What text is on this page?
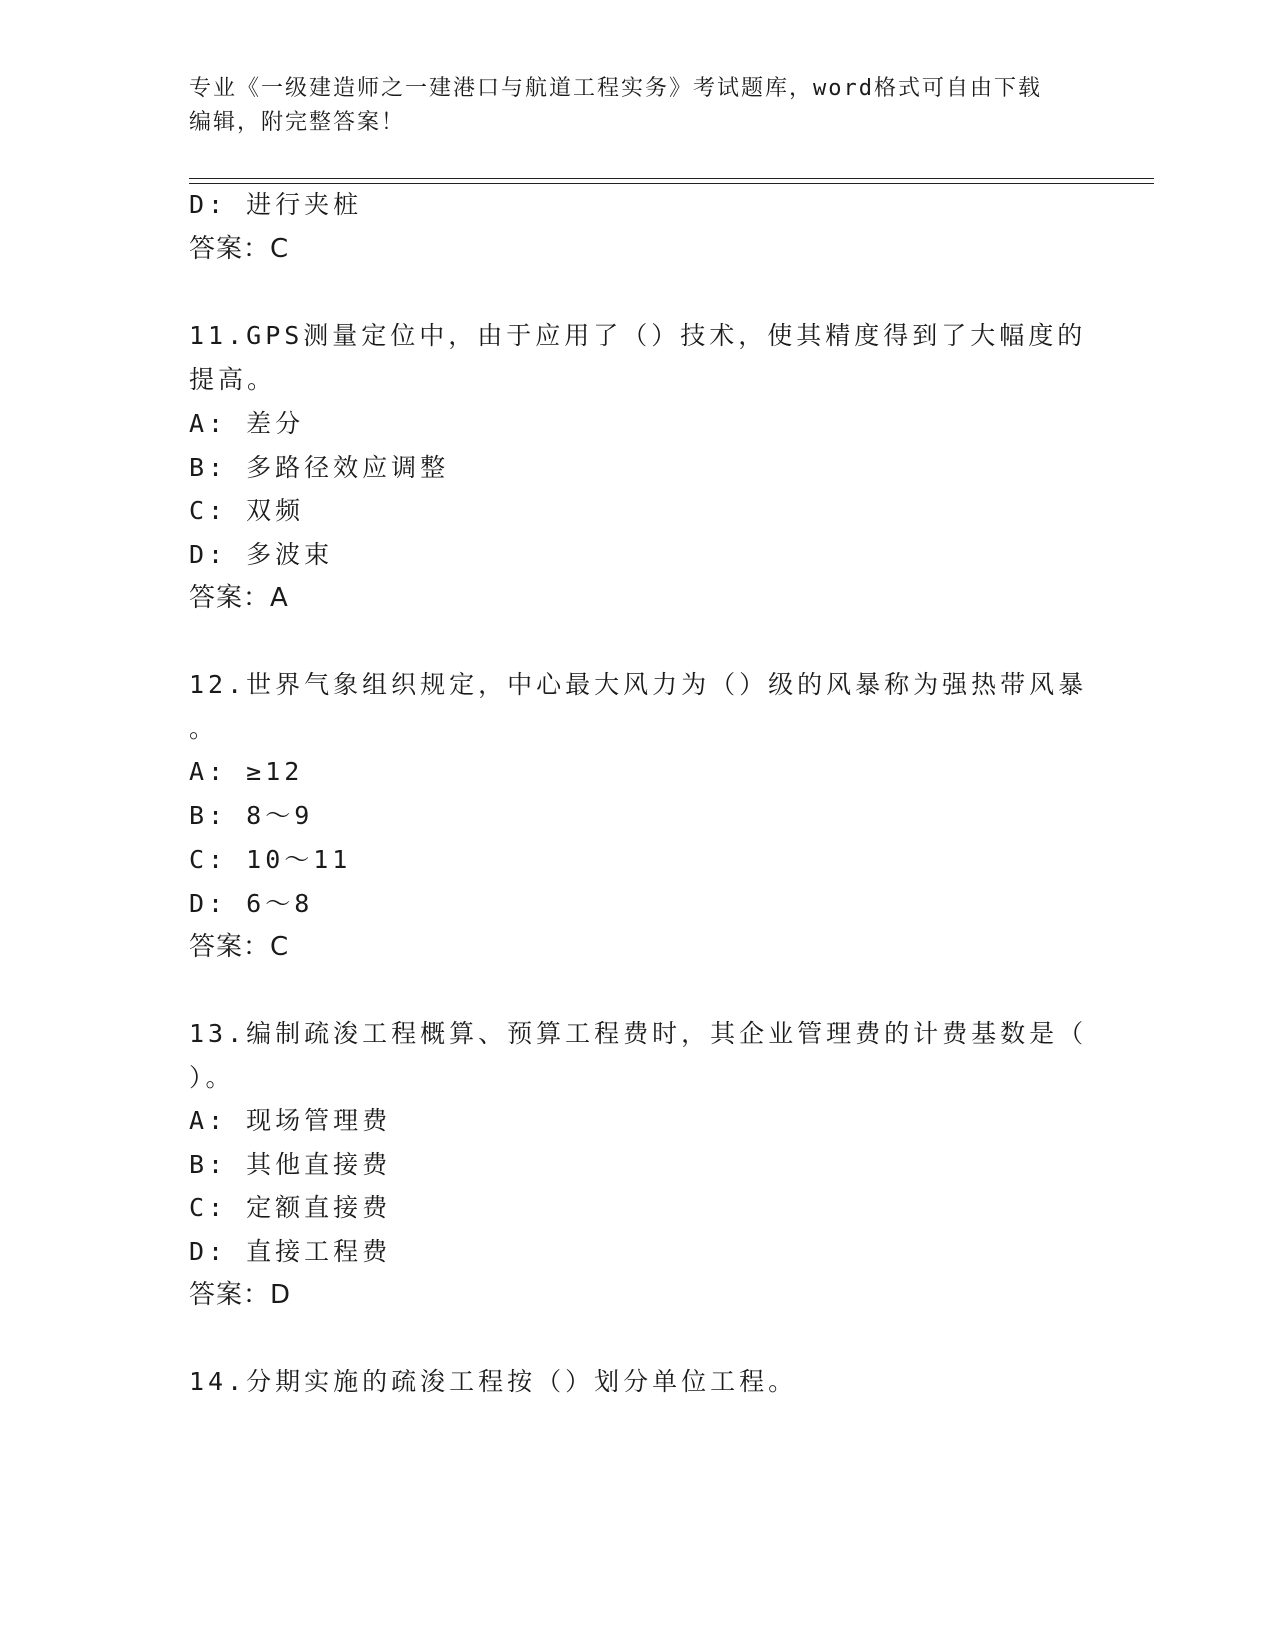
专业《一级建造师之一建港口与航道工程实务》考试题库，word格式可自由下载
编辑，附完整答案！
D: 进行夹桩
答案：C
11.GPS测量定位中，由于应用了（）技术，使其精度得到了大幅度的
提高。
A: 差分
B: 多路径效应调整
C: 双频
D: 多波束
答案：A
12.世界气象组织规定，中心最大风力为（）级的风暴称为强热带风暴
。
A: ≥12
B: 8～9
C: 10～11
D: 6～8
答案：C
13.编制疏浚工程概算、预算工程费时，其企业管理费的计费基数是（
）。
A: 现场管理费
B: 其他直接费
C: 定额直接费
D: 直接工程费
答案：D
14.分期实施的疏浚工程按（）划分单位工程。
